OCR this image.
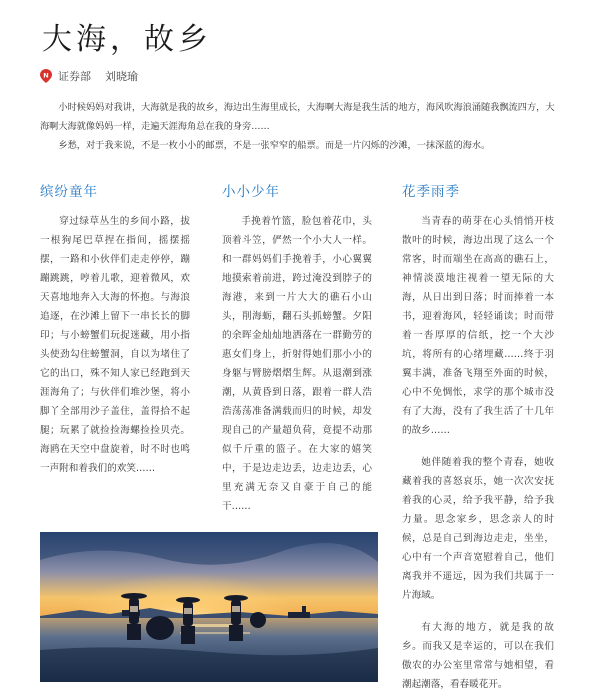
大海，故乡
N 证券部 刘晓瑜

小时候妈妈对我讲，大海就是我的故乡，海边出生海里成长，大海啊大海是我生活的地方，海风吹海浪涌随我飘流四方，大海啊大海就像妈妈一样，走遍天涯海角总在我的身旁……

乡愁，对于我来说，不是一枚小小的邮票，不是一张窄窄的船票。而是一片闪烁的沙滩，一抹深蓝的海水。

缤纷童年

穿过绿草丛生的乡间小路，拔一根狗尾巴草捏在指间，摇摆摇摆，一路和小伙伴们走走停停，蹦蹦跳跳，哼着儿歌，迎着微风，欢天喜地地奔入大海的怀抱。与海浪追逐，在沙滩上留下一串长长的脚印；与小螃蟹们玩捉迷藏，用小指头使劲勾住螃蟹洞，自以为堵住了它的出口，殊不知人家已经跑到天涯海角了；与伙伴们堆沙堡，将小脚丫全部用沙子盖住，盖得拾不起腿；玩累了就捡捡海螺捡捡贝壳。海鸥在天空中盘旋着，时不时也鸣一声附和着我们的欢笑……

小小少年

手挽着竹篮，脸包着花巾，头顶着斗笠，俨然一个小大人一样。和一群妈妈们手挽着手，小心翼翼地摸索着前进，跨过淹没到脖子的海港，来到一片大大的礁石小山头，削海蛎，翻石头抓螃蟹。夕阳的余晖金灿灿地洒落在一群勤劳的惠女们身上，折射得她们那小小的身躯与臂膀熠熠生辉。从退潮到涨潮，从黄昏到日落，跟着一群人浩浩荡荡准备满载而归的时候，却发现自己的产量超负荷，竟提不动那似千斤重的篮子。在大家的嬉笑中，于是边走边丢，边走边丢，心里充满无奈又自豪于自己的能干……

花季雨季

当青春的萌芽在心头悄悄开枝散叶的时候，海边出现了这么一个常客，时而端坐在高高的礁石上，神情淡漠地注视着一望无际的大海，从日出到日落；时而捧着一本书，迎着海风，轻轻诵读；时而带着一沓厚厚的信纸，挖一个大沙坑，将所有的心绪埋藏……终于羽翼丰满，准备飞翔至外面的时候，心中不免惆怅，求学的那个城市没有了大海，没有了我生活了十几年的故乡……

她伴随着我的整个青春，她收藏着我的喜怒哀乐，她一次次安抚着我的心灵，给予我平静，给予我力量。思念家乡，思念亲人的时候，总是自己到海边走走，坐坐，心中有一个声音宽慰着自己，他们离我并不遥远，因为我们共属于一片海域。

有大海的地方，就是我的故乡。而我又是幸运的，可以在我们傲农的办公室里常常与她相望，看潮起潮落，看春暖花开。
